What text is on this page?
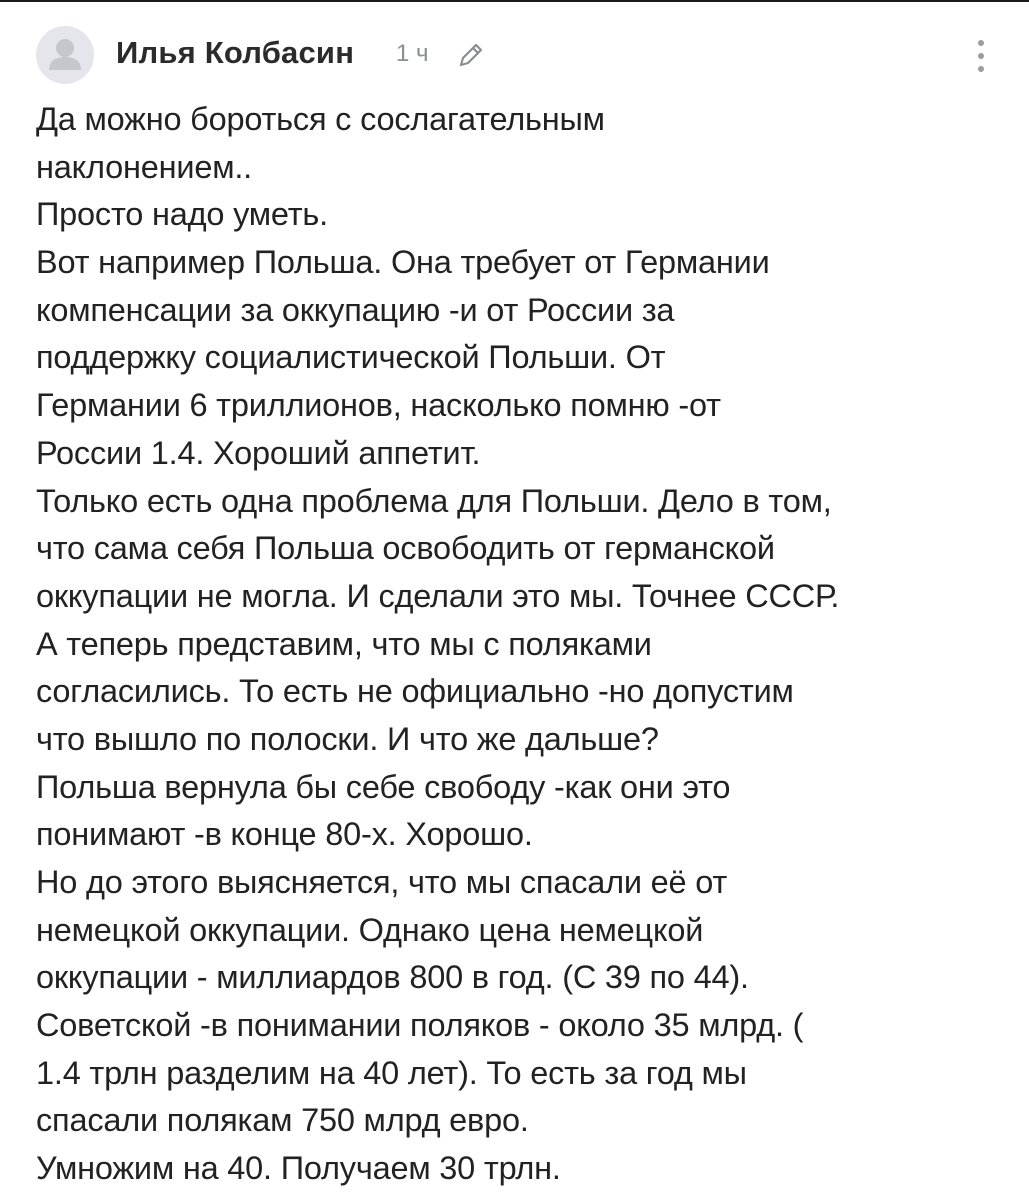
Илья Колбасин 1 ч
Да можно бороться с сослагательным
наклонением..
Просто надо уметь.
Вот например Польша. Она требует от Германии
компенсации за оккупацию -и от России за
поддержку социалистической Польши. От
Германии 6 триллионов, насколько помню -от
России 1.4. Хороший аппетит.
Только есть одна проблема для Польши. Дело в том,
что сама себя Польша освободить от германской
оккупации не могла. И сделали это мы. Точнее СССР.
А теперь представим, что мы с поляками
согласились. То есть не официально -но допустим
что вышло по полоски. И что же дальше?
Польша вернула бы себе свободу -как они это
понимают -в конце 80-х. Хорошо.
Но до этого выясняется, что мы спасали её от
немецкой оккупации. Однако цена немецкой
оккупации - миллиардов 800 в год. (С 39 по 44).
Советской -в понимании поляков - около 35 млрд. (
1.4 трлн разделим на 40 лет). То есть за год мы
спасали полякам 750 млрд евро.
Умножим на 40. Получаем 30 трлн.
